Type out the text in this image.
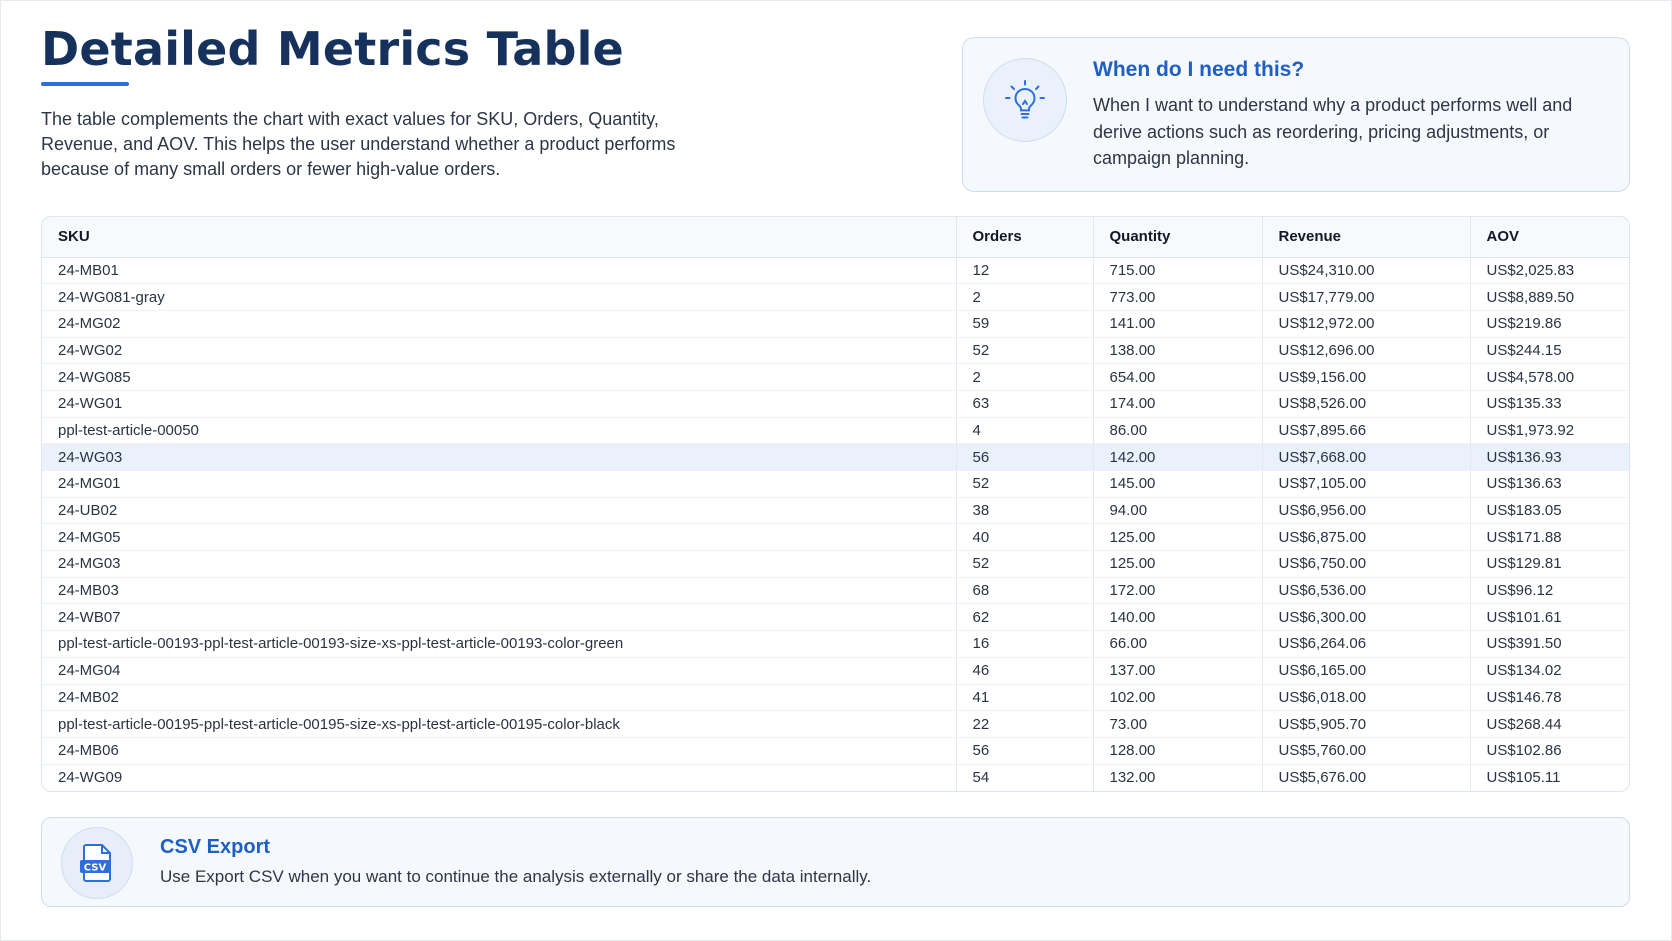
Detailed Metrics Table

The table complements the chart with exact values for SKU, Orders, Quantity, Revenue, and AOV. This helps the user understand whether a product performs because of many small orders or fewer high-value orders.

When do I need this?
When I want to understand why a product performs well and derive actions such as reordering, pricing adjustments, or campaign planning.
SKU	Orders	Quantity	Revenue	AOV
24-MB01	12	715.00	US$24,310.00	US$2,025.83
24-WG081-gray	2	773.00	US$17,779.00	US$8,889.50
24-MG02	59	141.00	US$12,972.00	US$219.86
24-WG02	52	138.00	US$12,696.00	US$244.15
24-WG085	2	654.00	US$9,156.00	US$4,578.00
24-WG01	63	174.00	US$8,526.00	US$135.33
ppl-test-article-00050	4	86.00	US$7,895.66	US$1,973.92
24-WG03	56	142.00	US$7,668.00	US$136.93
24-MG01	52	145.00	US$7,105.00	US$136.63
24-UB02	38	94.00	US$6,956.00	US$183.05
24-MG05	40	125.00	US$6,875.00	US$171.88
24-MG03	52	125.00	US$6,750.00	US$129.81
24-MB03	68	172.00	US$6,536.00	US$96.12
24-WB07	62	140.00	US$6,300.00	US$101.61
ppl-test-article-00193-ppl-test-article-00193-size-xs-ppl-test-article-00193-color-green	16	66.00	US$6,264.06	US$391.50
24-MG04	46	137.00	US$6,165.00	US$134.02
24-MB02	41	102.00	US$6,018.00	US$146.78
ppl-test-article-00195-ppl-test-article-00195-size-xs-ppl-test-article-00195-color-black	22	73.00	US$5,905.70	US$268.44
24-MB06	56	128.00	US$5,760.00	US$102.86
24-WG09	54	132.00	US$5,676.00	US$105.11
CSV
CSV Export
Use Export CSV when you want to continue the analysis externally or share the data internally.
